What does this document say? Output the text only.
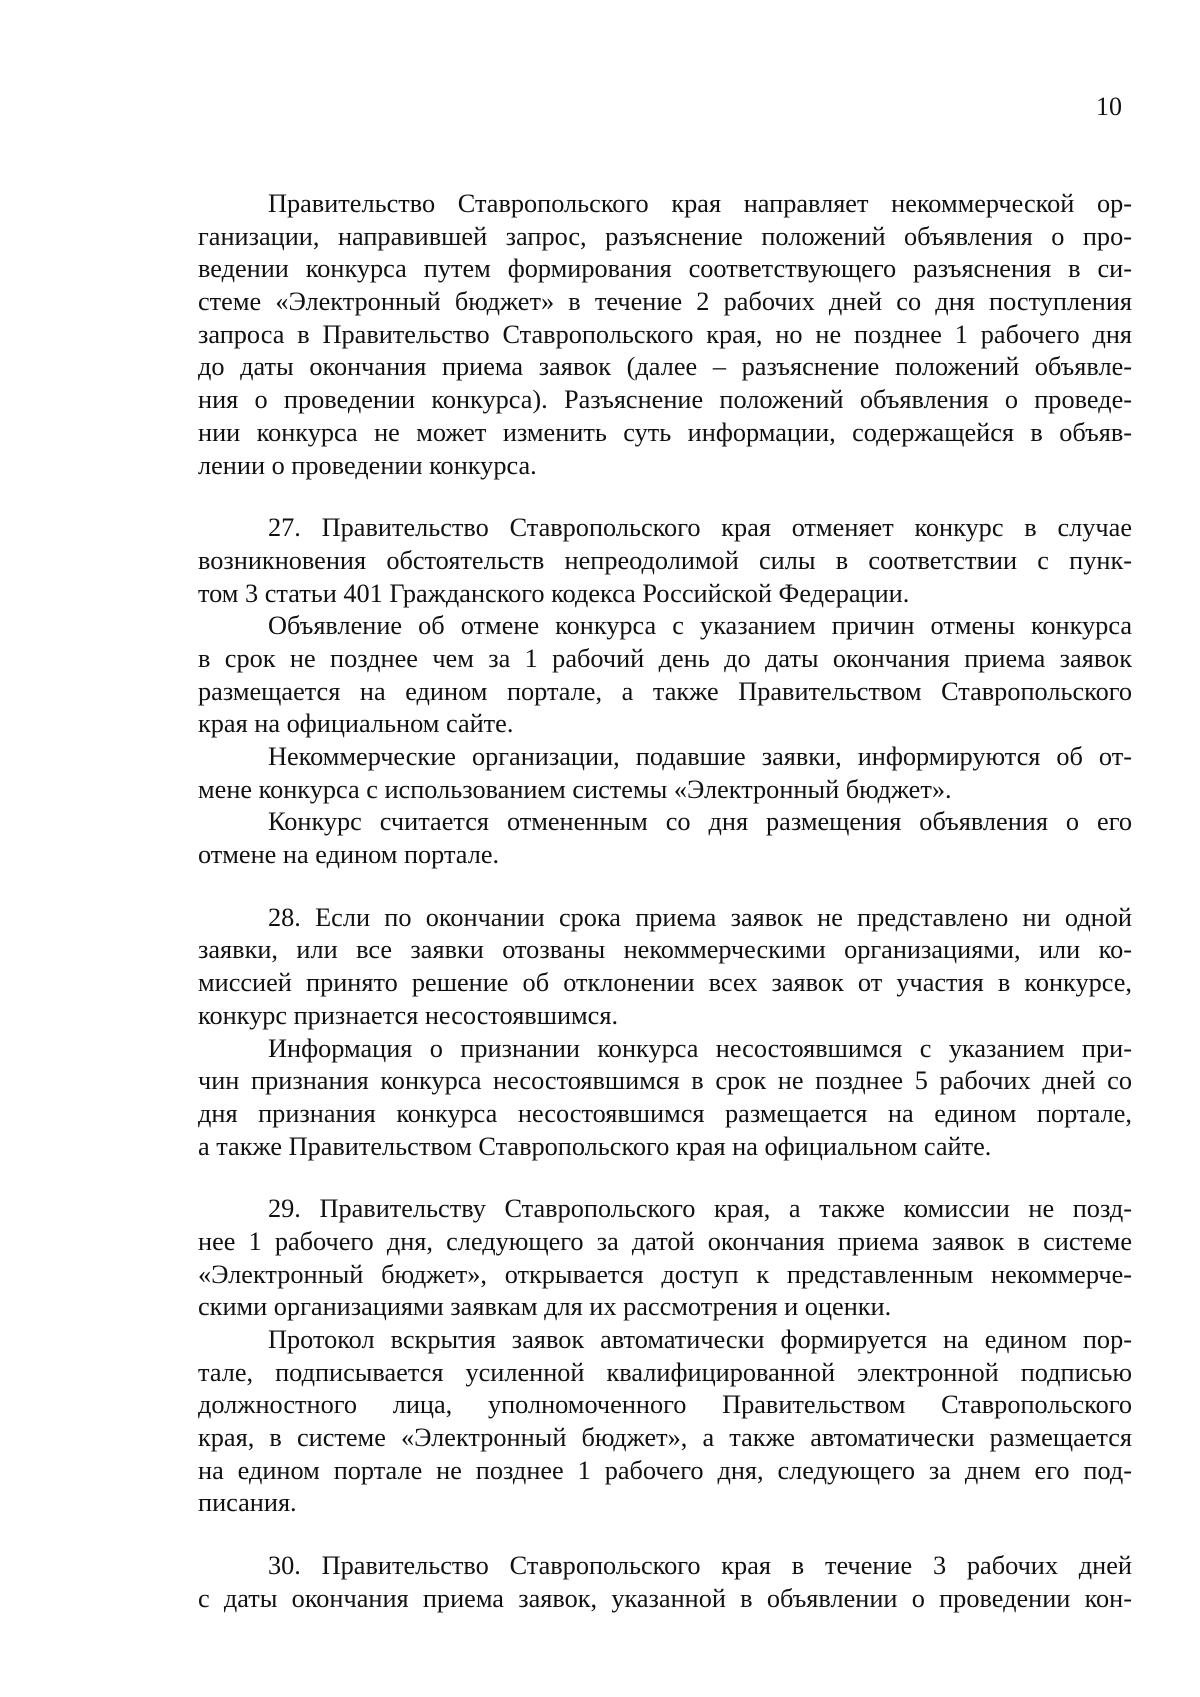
10
Правительство Ставропольского края направляет некоммерческой ор-
ганизации, направившей запрос, разъяснение положений объявления о про-
ведении конкурса путем формирования соответствующего разъяснения в си-
стеме «Электронный бюджет» в течение 2 рабочих дней со дня поступления
запроса в Правительство Ставропольского края, но не позднее 1 рабочего дня
до даты окончания приема заявок (далее – разъяснение положений объявле-
ния о проведении конкурса). Разъяснение положений объявления о проведе-
нии конкурса не может изменить суть информации, содержащейся в объяв-
лении о проведении конкурса.
27. Правительство Ставропольского края отменяет конкурс в случае
возникновения обстоятельств непреодолимой силы в соответствии с пунк-
том 3 статьи 401 Гражданского кодекса Российской Федерации.
Объявление об отмене конкурса с указанием причин отмены конкурса
в срок не позднее чем за 1 рабочий день до даты окончания приема заявок
размещается на едином портале, а также Правительством Ставропольского
края на официальном сайте.
Некоммерческие организации, подавшие заявки, информируются об от-
мене конкурса с использованием системы «Электронный бюджет».
Конкурс считается отмененным со дня размещения объявления о его
отмене на едином портале.
28. Если по окончании срока приема заявок не представлено ни одной
заявки, или все заявки отозваны некоммерческими организациями, или ко-
миссией принято решение об отклонении всех заявок от участия в конкурсе,
конкурс признается несостоявшимся.
Информация о признании конкурса несостоявшимся с указанием при-
чин признания конкурса несостоявшимся в срок не позднее 5 рабочих дней со
дня признания конкурса несостоявшимся размещается на едином портале,
а также Правительством Ставропольского края на официальном сайте.
29. Правительству Ставропольского края, а также комиссии не позд-
нее 1 рабочего дня, следующего за датой окончания приема заявок в системе
«Электронный бюджет», открывается доступ к представленным некоммерче-
скими организациями заявкам для их рассмотрения и оценки.
Протокол вскрытия заявок автоматически формируется на едином пор-
тале, подписывается усиленной квалифицированной электронной подписью
должностного лица, уполномоченного Правительством Ставропольского
края, в системе «Электронный бюджет», а также автоматически размещается
на едином портале не позднее 1 рабочего дня, следующего за днем его под-
писания.
30. Правительство Ставропольского края в течение 3 рабочих дней
с даты окончания приема заявок, указанной в объявлении о проведении кон-
